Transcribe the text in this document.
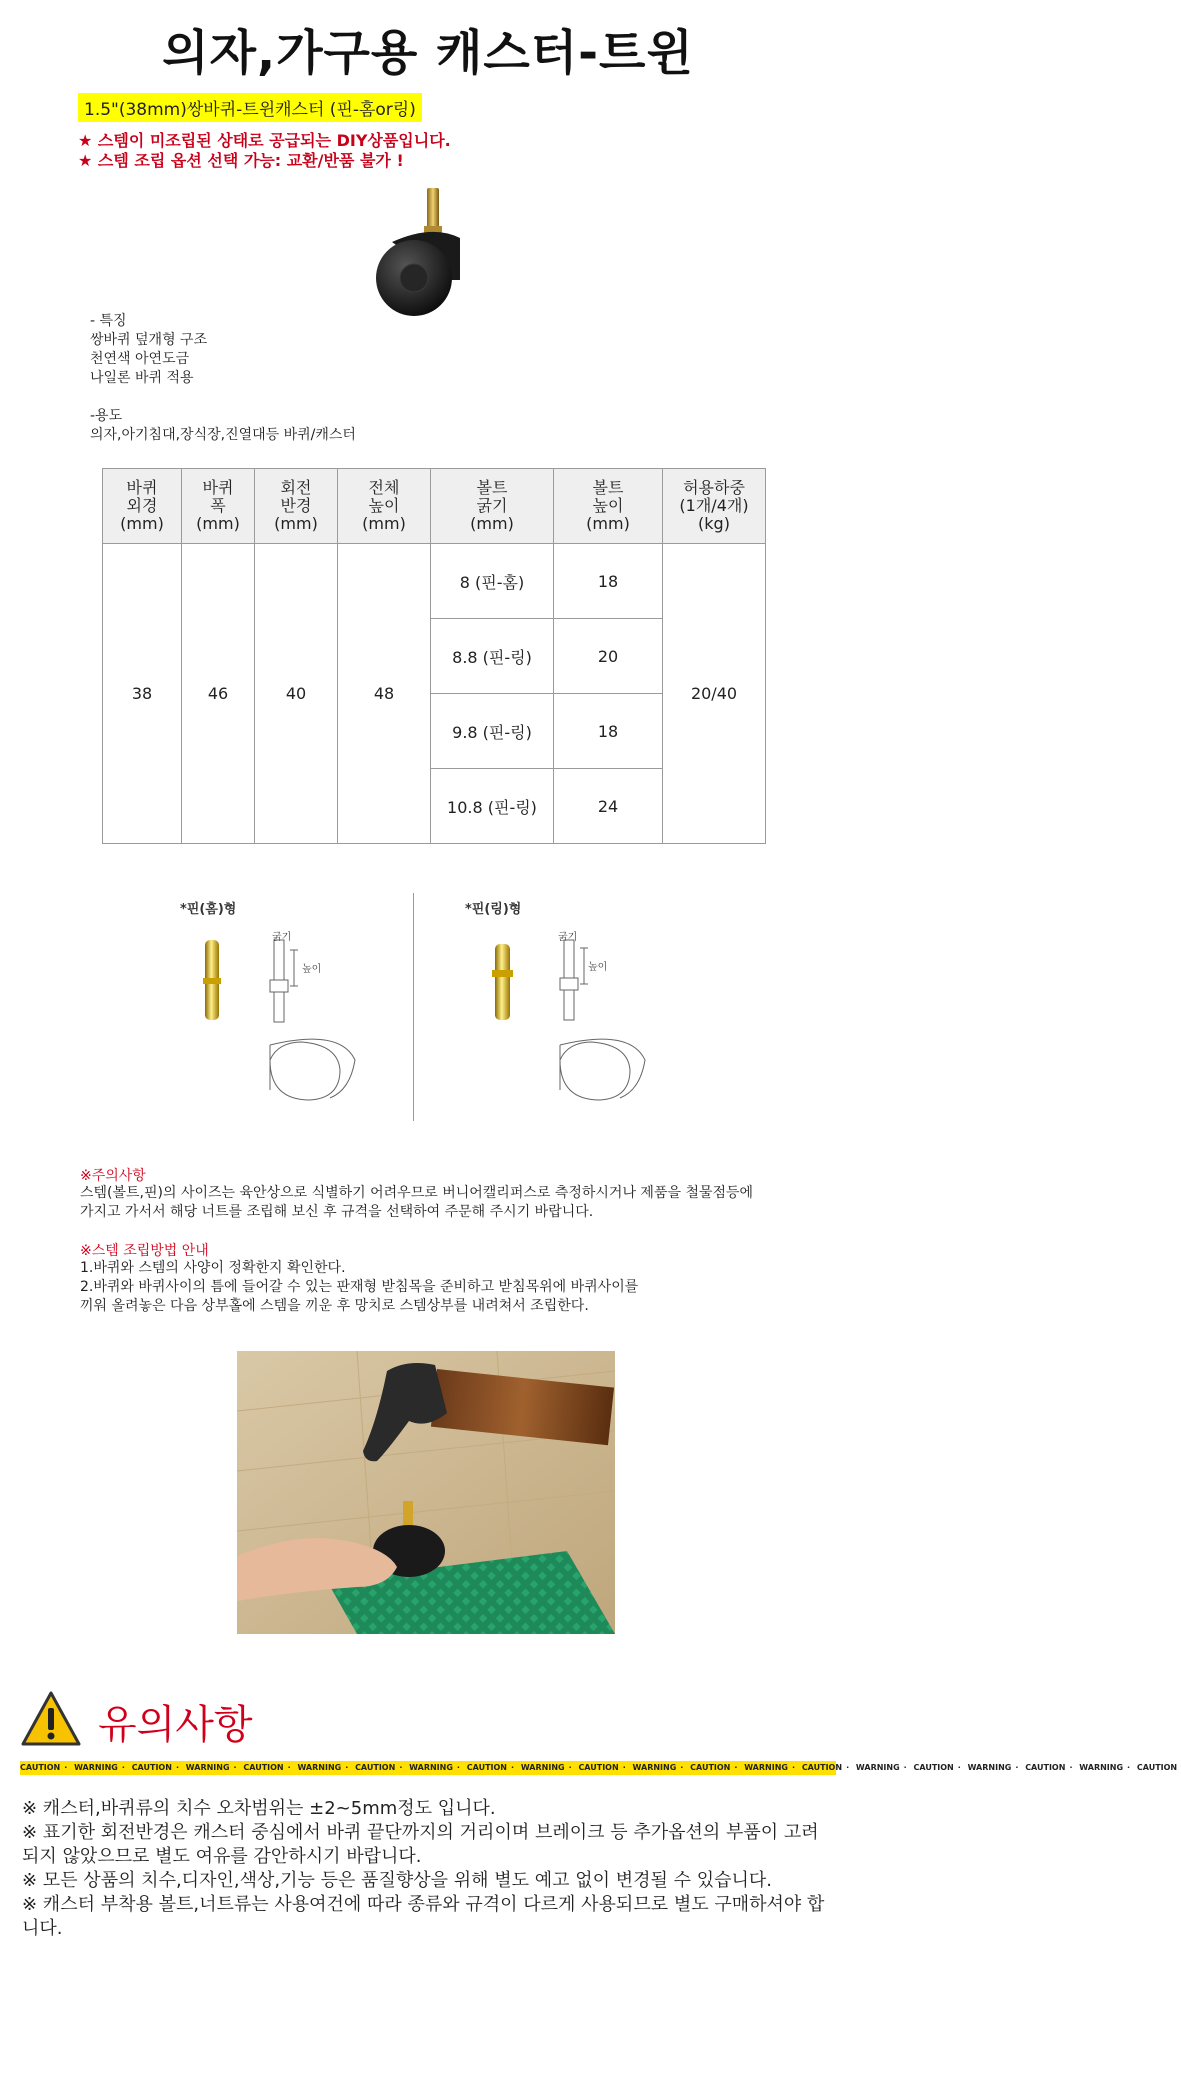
의자,가구용 캐스터-트윈
1.5"(38mm)쌍바퀴-트윈캐스터 (핀-홈or링)
★ 스템이 미조립된 상태로 공급되는 DIY상품입니다.
★ 스템 조립 옵션 선택 가능: 교환/반품 불가 !
- 특징
쌍바퀴 덮개형 구조
천연색 아연도금
나일론 바퀴 적용

-용도
의자,아기침대,장식장,진열대등 바퀴/캐스터
바퀴
외경
(mm)	바퀴
폭
(mm)	회전
반경
(mm)	전체
높이
(mm)	볼트
굵기
(mm)	볼트
높이
(mm)	허용하중
(1개/4개)
(kg)
38	46	40	48	8 (핀-홈)	18	20/40
				8.8 (핀-링)	20	
				9.8 (핀-링)	18	
				10.8 (핀-링)	24	
*핀(홈)형	*핀(링)형
굵기
높이
굵기
높이
※주의사항
스템(볼트,핀)의 사이즈는 육안상으로 식별하기 어려우므로 버니어캘리퍼스로 측정하시거나 제품을 철물점등에
가지고 가서서 해당 너트를 조립해 보신 후 규격을 선택하여 주문해 주시기 바랍니다.
※스템 조립방법 안내
1.바퀴와 스템의 사양이 정확한지 확인한다.
2.바퀴와 바퀴사이의 틈에 들어갈 수 있는 판재형 받침목을 준비하고 받침목위에 바퀴사이를
끼워 올려놓은 다음 상부홀에 스템을 끼운 후 망치로 스템상부를 내려쳐서 조립한다.
유의사항
CAUTION · WARNING · CAUTION · WARNING · CAUTION · WARNING · CAUTION · WARNING · CAUTION · WARNING · CAUTION · WARNING · CAUTION · WARNING · CAUTION · WARNING · CAUTION · WARNING · CAUTION · WARNING · CAUTION

※ 캐스터,바퀴류의 치수 오차범위는 ±2~5mm정도 입니다.

※ 표기한 회전반경은 캐스터 중심에서 바퀴 끝단까지의 거리이며 브레이크 등 추가옵션의 부품이 고려되지 않았으므로 별도 여유를 감안하시기 바랍니다.

※ 모든 상품의 치수,디자인,색상,기능 등은 품질향상을 위해 별도 예고 없이 변경될 수 있습니다.

※ 캐스터 부착용 볼트,너트류는 사용여건에 따라 종류와 규격이 다르게 사용되므로 별도 구매하셔야 합니다.
